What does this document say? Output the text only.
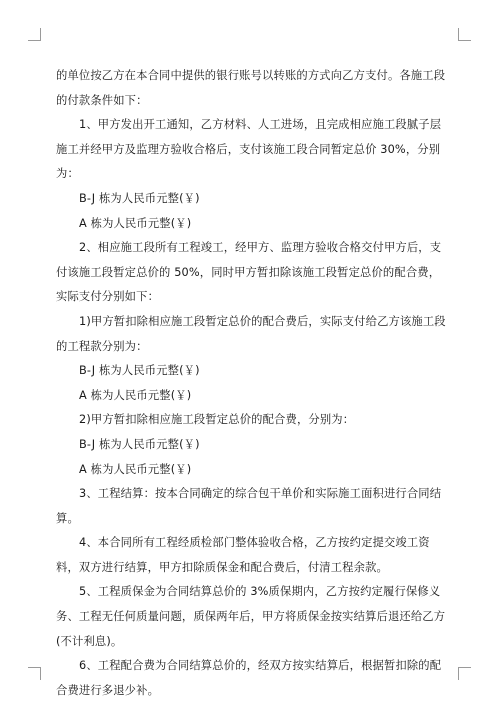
的单位按乙方在本合同中提供的银行账号以转账的方式向乙方支付。各施工段的付款条件如下：

1、甲方发出开工通知，乙方材料、人工进场，且完成相应施工段腻子层施工并经甲方及监理方验收合格后，支付该施工段合同暂定总价 30%，分别为：

B-J 栋为人民币元整(￥)

A 栋为人民币元整(￥)

2、相应施工段所有工程竣工，经甲方、监理方验收合格交付甲方后，支付该施工段暂定总价的 50%，同时甲方暂扣除该施工段暂定总价的配合费，实际支付分别如下：

1)甲方暂扣除相应施工段暂定总价的配合费后，实际支付给乙方该施工段的工程款分别为：

B-J 栋为人民币元整(￥)

A 栋为人民币元整(￥)

2)甲方暂扣除相应施工段暂定总价的配合费，分别为：

B-J 栋为人民币元整(￥)

A 栋为人民币元整(￥)

3、工程结算：按本合同确定的综合包干单价和实际施工面积进行合同结算。

4、本合同所有工程经质检部门整体验收合格，乙方按约定提交竣工资料，双方进行结算，甲方扣除质保金和配合费后，付清工程余款。

5、工程质保金为合同结算总价的 3%质保期内，乙方按约定履行保修义务、工程无任何质量问题，质保两年后，甲方将质保金按实结算后退还给乙方(不计利息)。

6、工程配合费为合同结算总价的，经双方按实结算后，根据暂扣除的配合费进行多退少补。
